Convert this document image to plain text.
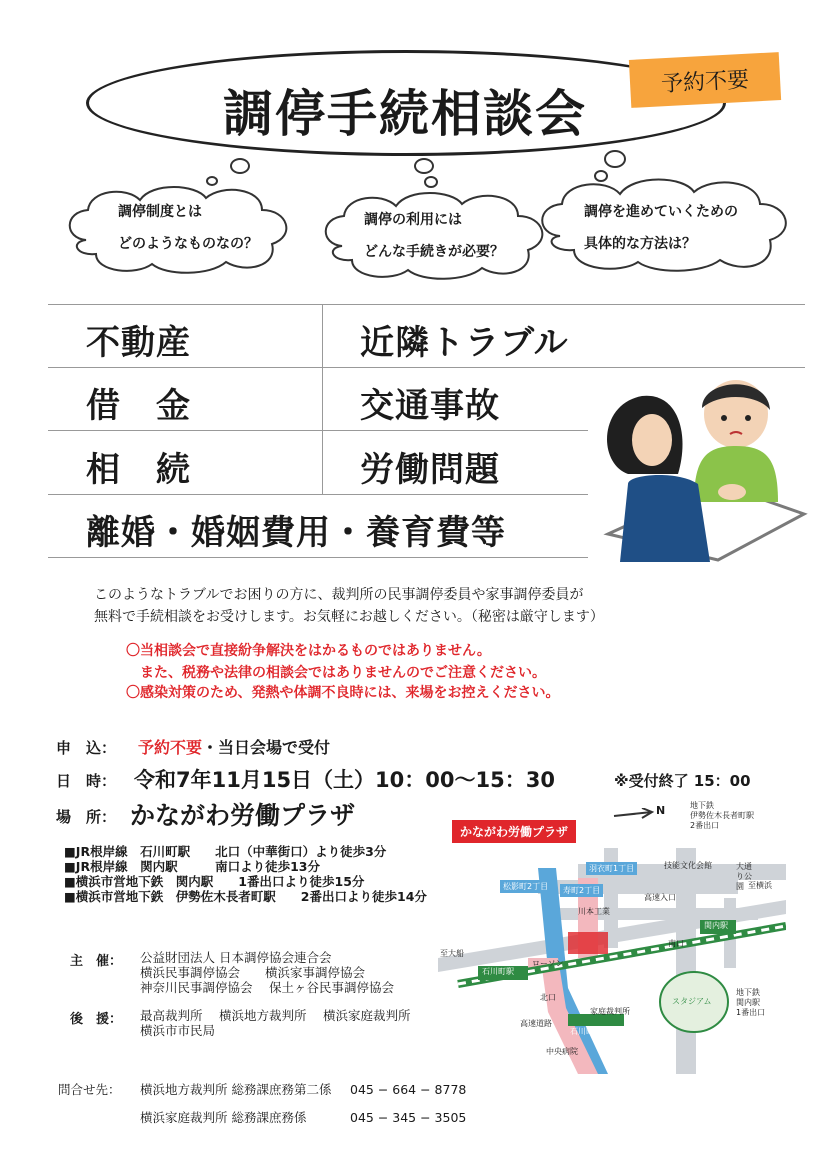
調停手続相談会
予約不要
調停制度とは
どのようなものなの？
調停の利用には
どんな手続きが必要？
調停を進めていくための
具体的な方法は？
不動産	近隣トラブル
借　金	交通事故
相　続	労働問題
離婚・婚姻費用・養育費等
このようなトラブルでお困りの方に、裁判所の民事調停委員や家事調停委員が
無料で手続相談をお受けします。お気軽にお越しください。（秘密は厳守します）
〇当相談会で直接紛争解決をはかるものではありません。
また、税務や法律の相談会ではありませんのでご注意ください。
〇感染対策のため、発熱や体調不良時には、来場をお控えください。
申　込： 予約不要・当日会場で受付
日　時： 令和7年11月15日（土）10：00〜15：30	※受付終了 15：00
場　所： かながわ労働プラザ
■JR根岸線　石川町駅　　北口（中華街口）より徒歩3分
■JR根岸線　関内駅　　　南口より徒歩13分
■横浜市営地下鉄　関内駅　　1番出口より徒歩15分
■横浜市営地下鉄　伊勢佐木長者町駅　　2番出口より徒歩14分
主　催： 公益財団法人 日本調停協会連合会
横浜民事調停協会　　横浜家事調停協会
神奈川民事調停協会　 保土ヶ谷民事調停協会
後　援： 最高裁判所　 横浜地方裁判所　 横浜家庭裁判所
横浜市市民局
問合せ先： 横浜地方裁判所 総務課庶務第二係 045 − 664 − 8778
横浜家庭裁判所 総務課庶務係	045 − 345 − 3505
かながわ労働プラザ
地下鉄
伊勢佐木長者町駅
2番出口
技能文化会館	大通り公園
羽衣町1丁目
寿町2丁目
松影町2丁目
川本工業
高速入口
至大船
至横浜
石川町駅
関内駅
南口
北口
ローソン
高速道路
家庭裁判所
石川町駅北口
中央病院
スタジアム
地下鉄
関内駅
1番出口
N
